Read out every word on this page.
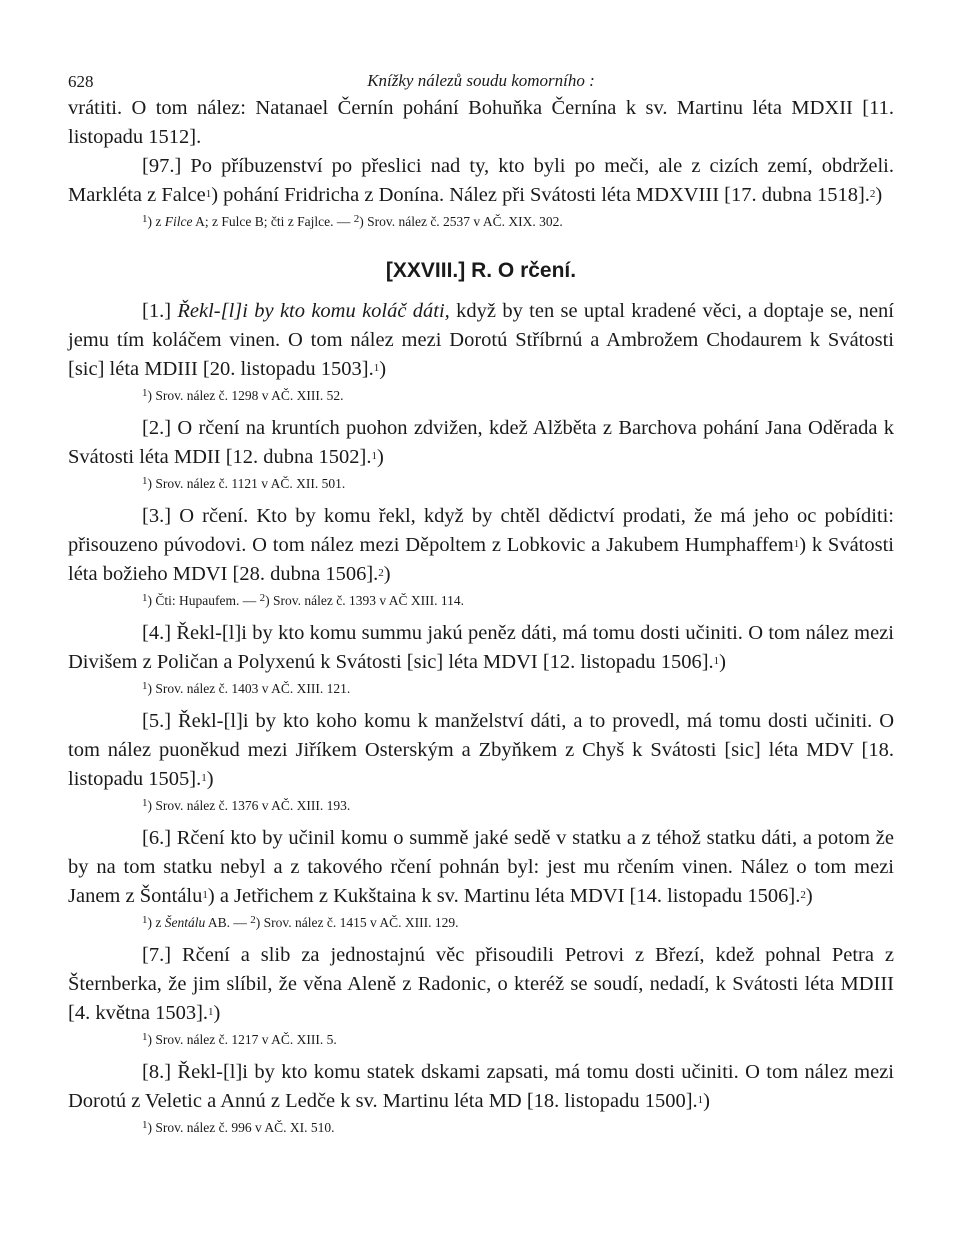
628	Knížky nálezů soudu komorního :

vrátiti. O tom nález: Natanael Černín pohání Bohuňka Černína k sv. Martinu léta MDXII [11. listopadu 1512].

[97.] Po příbuzenství po přeslici nad ty, kto byli po meči, ale z cizích zemí, obdrželi. Markléta z Falce$^1$) pohání Fridricha z Donína. Nález při Svátosti léta MDXVIII [17. dubna 1518].$^2$)

$^1$) z Filce A; z Fulce B; čti z Fajlce. — $^2$) Srov. nález č. 2537 v AČ. XIX. 302.

[XXVIII.] R. O rčení.

[1.] Řekl-[l]i by kto komu koláč dáti, když by ten se uptal kradené věci, a doptaje se, není jemu tím koláčem vinen. O tom nález mezi Dorotú Stříbrnú a Ambrožem Chodaurem k Svátosti [sic] léta MDIII [20. listopadu 1503].$^1$)

$^1$) Srov. nález č. 1298 v AČ. XIII. 52.

[2.] O rčení na kruntích puohon zdvižen, kdež Alžběta z Barchova pohání Jana Oděrada k Svátosti léta MDII [12. dubna 1502].$^1$)

$^1$) Srov. nález č. 1121 v AČ. XII. 501.

[3.] O rčení. Kto by komu řekl, když by chtěl dědictví prodati, že má jeho oc pobíditi: přisouzeno púvodovi. O tom nález mezi Děpoltem z Lobkovic a Jakubem Humphaffem$^1$) k Svátosti léta božieho MDVI [28. dubna 1506].$^2$)

$^1$) Čti: Hupaufem. — $^2$) Srov. nález č. 1393 v AČ XIII. 114.

[4.] Řekl-[l]i by kto komu summu jakú peněz dáti, má tomu dosti učiniti. O tom nález mezi Divišem z Poličan a Polyxenú k Svátosti [sic] léta MDVI [12. listopadu 1506].$^1$)

$^1$) Srov. nález č. 1403 v AČ. XIII. 121.

[5.] Řekl-[l]i by kto koho komu k manželství dáti, a to provedl, má tomu dosti učiniti. O tom nález puoněkud mezi Jiříkem Osterským a Zbyňkem z Chyš k Svátosti [sic] léta MDV [18. listopadu 1505].$^1$)

$^1$) Srov. nález č. 1376 v AČ. XIII. 193.

[6.] Rčení kto by učinil komu o summě jaké sedě v statku a z téhož statku dáti, a potom že by na tom statku nebyl a z takového rčení pohnán byl: jest mu rčením vinen. Nález o tom mezi Janem z Šontálu$^1$) a Jetřichem z Kukštaina k sv. Martinu léta MDVI [14. listopadu 1506].$^2$)

$^1$) z Šentálu AB. — $^2$) Srov. nález č. 1415 v AČ. XIII. 129.

[7.] Rčení a slib za jednostajnú věc přisoudili Petrovi z Březí, kdež pohnal Petra z Šternberka, že jim slíbil, že věna Aleně z Radonic, o kteréž se soudí, nedadí, k Svátosti léta MDIII [4. května 1503].$^1$)

$^1$) Srov. nález č. 1217 v AČ. XIII. 5.

[8.] Řekl-[l]i by kto komu statek dskami zapsati, má tomu dosti učiniti. O tom nález mezi Dorotú z Veletic a Annú z Ledče k sv. Martinu léta MD [18. listopadu 1500].$^1$)

$^1$) Srov. nález č. 996 v AČ. XI. 510.
